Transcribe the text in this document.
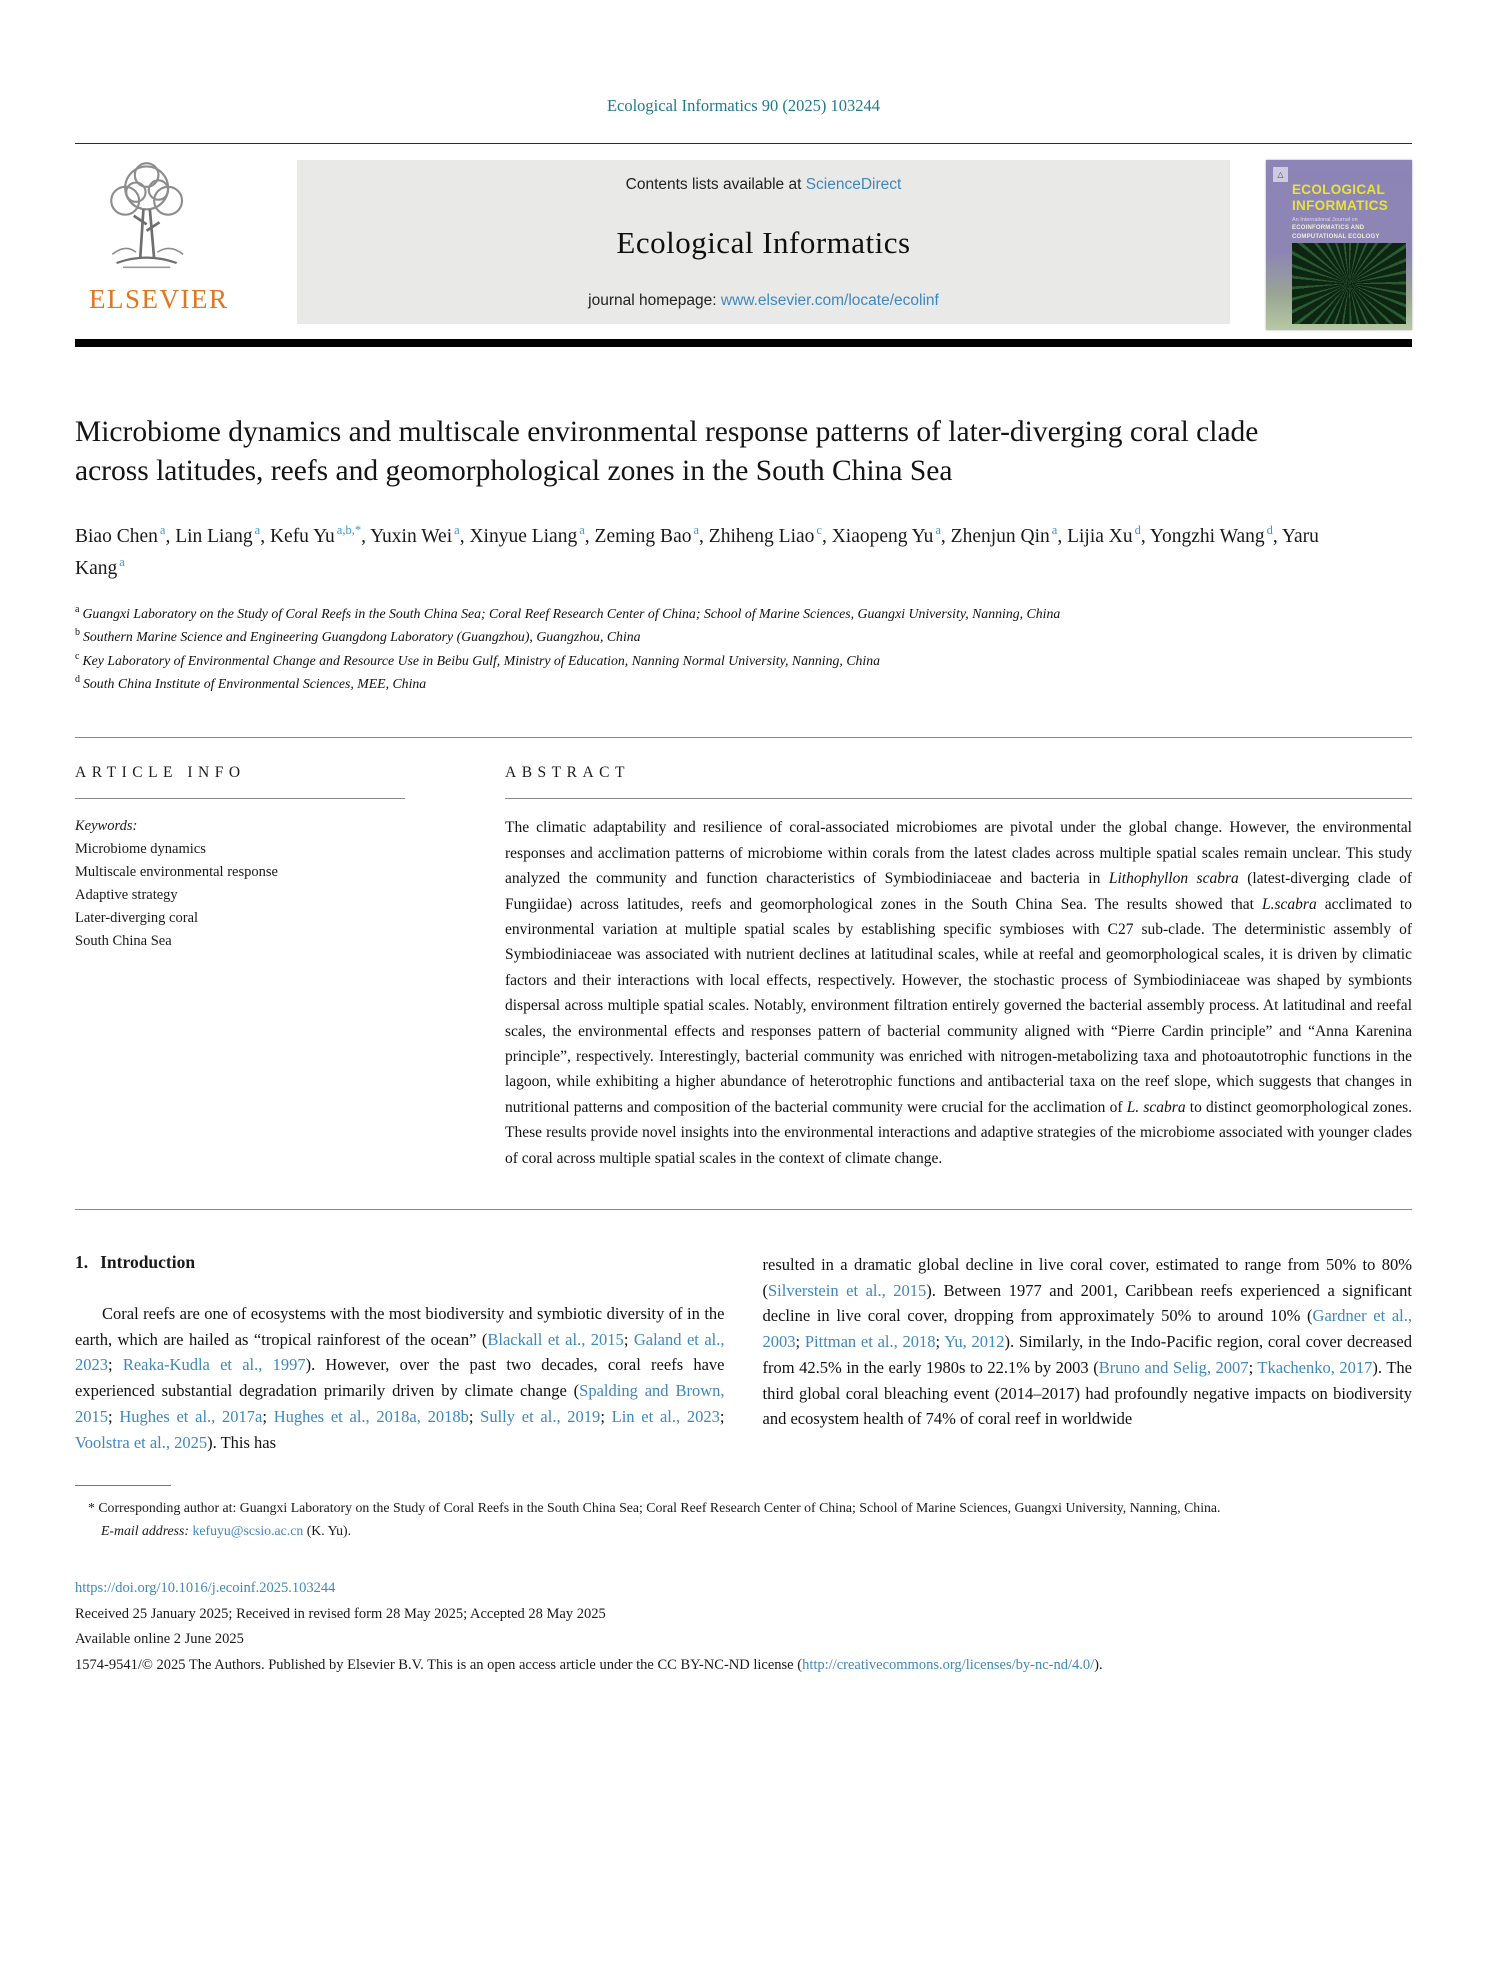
Ecological Informatics 90 (2025) 103244
ELSEVIER
Contents lists available at ScienceDirect
Ecological Informatics
journal homepage: www.elsevier.com/locate/ecolinf
△
ECOLOGICAL
INFORMATICS
An International Journal on
ECOINFORMATICS AND
COMPUTATIONAL ECOLOGY
Microbiome dynamics and multiscale environmental response patterns of later-diverging coral clade across latitudes, reefs and geomorphological zones in the South China Sea
Biao Chen $^a$, Lin Liang $^a$, Kefu Yu $^{a,b,*}$, Yuxin Wei $^a$, Xinyue Liang $^a$, Zeming Bao $^a$, Zhiheng Liao $^c$, Xiaopeng Yu $^a$, Zhenjun Qin $^a$, Lijia Xu $^d$, Yongzhi Wang $^d$, Yaru Kang $^a$
$^a$ Guangxi Laboratory on the Study of Coral Reefs in the South China Sea; Coral Reef Research Center of China; School of Marine Sciences, Guangxi University, Nanning, China
$^b$ Southern Marine Science and Engineering Guangdong Laboratory (Guangzhou), Guangzhou, China
$^c$ Key Laboratory of Environmental Change and Resource Use in Beibu Gulf, Ministry of Education, Nanning Normal University, Nanning, China
$^d$ South China Institute of Environmental Sciences, MEE, China
ARTICLE INFO
Keywords:
Microbiome dynamics
Multiscale environmental response
Adaptive strategy
Later-diverging coral
South China Sea
ABSTRACT
The climatic adaptability and resilience of coral-associated microbiomes are pivotal under the global change. However, the environmental responses and acclimation patterns of microbiome within corals from the latest clades across multiple spatial scales remain unclear. This study analyzed the community and function characteristics of Symbiodiniaceae and bacteria in Lithophyllon scabra (latest-diverging clade of Fungiidae) across latitudes, reefs and geomorphological zones in the South China Sea. The results showed that L.scabra acclimated to environmental variation at multiple spatial scales by establishing specific symbioses with C27 sub-clade. The deterministic assembly of Symbiodiniaceae was associated with nutrient declines at latitudinal scales, while at reefal and geomorphological scales, it is driven by climatic factors and their interactions with local effects, respectively. However, the stochastic process of Symbiodiniaceae was shaped by symbionts dispersal across multiple spatial scales. Notably, environment filtration entirely governed the bacterial assembly process. At latitudinal and reefal scales, the environmental effects and responses pattern of bacterial community aligned with “Pierre Cardin principle” and “Anna Karenina principle”, respectively. Interestingly, bacterial community was enriched with nitrogen-metabolizing taxa and photoautotrophic functions in the lagoon, while exhibiting a higher abundance of heterotrophic functions and antibacterial taxa on the reef slope, which suggests that changes in nutritional patterns and composition of the bacterial community were crucial for the acclimation of L. scabra to distinct geomorphological zones. These results provide novel insights into the environmental interactions and adaptive strategies of the microbiome associated with younger clades of coral across multiple spatial scales in the context of climate change.
1. Introduction

Coral reefs are one of ecosystems with the most biodiversity and symbiotic diversity of in the earth, which are hailed as “tropical rainforest of the ocean” (Blackall et al., 2015; Galand et al., 2023; Reaka-Kudla et al., 1997). However, over the past two decades, coral reefs have experienced substantial degradation primarily driven by climate change (Spalding and Brown, 2015; Hughes et al., 2017a; Hughes et al., 2018a, 2018b; Sully et al., 2019; Lin et al., 2023; Voolstra et al., 2025). This has

resulted in a dramatic global decline in live coral cover, estimated to range from 50% to 80% (Silverstein et al., 2015). Between 1977 and 2001, Caribbean reefs experienced a significant decline in live coral cover, dropping from approximately 50% to around 10% (Gardner et al., 2003; Pittman et al., 2018; Yu, 2012). Similarly, in the Indo-Pacific region, coral cover decreased from 42.5% in the early 1980s to 22.1% by 2003 (Bruno and Selig, 2007; Tkachenko, 2017). The third global coral bleaching event (2014–2017) had profoundly negative impacts on biodiversity and ecosystem health of 74% of coral reef in worldwide

* Corresponding author at: Guangxi Laboratory on the Study of Coral Reefs in the South China Sea; Coral Reef Research Center of China; School of Marine Sciences, Guangxi University, Nanning, China.

E-mail address: kefuyu@scsio.ac.cn (K. Yu).

https://doi.org/10.1016/j.ecoinf.2025.103244
Received 25 January 2025; Received in revised form 28 May 2025; Accepted 28 May 2025
Available online 2 June 2025
1574-9541/© 2025 The Authors. Published by Elsevier B.V. This is an open access article under the CC BY-NC-ND license (http://creativecommons.org/licenses/by-nc-nd/4.0/).
